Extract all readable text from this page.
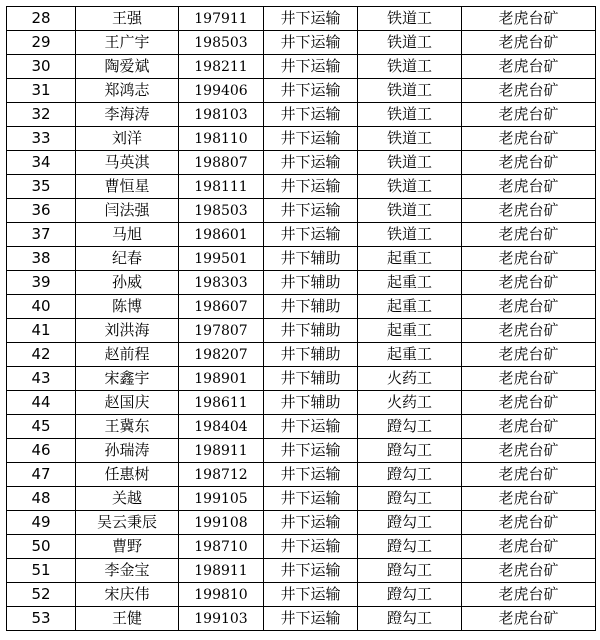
28	王强	197911	井下运输	铁道工	老虎台矿
29	王广宇	198503	井下运输	铁道工	老虎台矿
30	陶爱斌	198211	井下运输	铁道工	老虎台矿
31	郑鸿志	199406	井下运输	铁道工	老虎台矿
32	李海涛	198103	井下运输	铁道工	老虎台矿
33	刘洋	198110	井下运输	铁道工	老虎台矿
34	马英淇	198807	井下运输	铁道工	老虎台矿
35	曹恒星	198111	井下运输	铁道工	老虎台矿
36	闫法强	198503	井下运输	铁道工	老虎台矿
37	马旭	198601	井下运输	铁道工	老虎台矿
38	纪春	199501	井下辅助	起重工	老虎台矿
39	孙威	198303	井下辅助	起重工	老虎台矿
40	陈博	198607	井下辅助	起重工	老虎台矿
41	刘洪海	197807	井下辅助	起重工	老虎台矿
42	赵前程	198207	井下辅助	起重工	老虎台矿
43	宋鑫宇	198901	井下辅助	火药工	老虎台矿
44	赵国庆	198611	井下辅助	火药工	老虎台矿
45	王冀东	198404	井下运输	蹬勾工	老虎台矿
46	孙瑞涛	198911	井下运输	蹬勾工	老虎台矿
47	任惠树	198712	井下运输	蹬勾工	老虎台矿
48	关越	199105	井下运输	蹬勾工	老虎台矿
49	吴云秉辰	199108	井下运输	蹬勾工	老虎台矿
50	曹野	198710	井下运输	蹬勾工	老虎台矿
51	李金宝	198911	井下运输	蹬勾工	老虎台矿
52	宋庆伟	199810	井下运输	蹬勾工	老虎台矿
53	王健	199103	井下运输	蹬勾工	老虎台矿
